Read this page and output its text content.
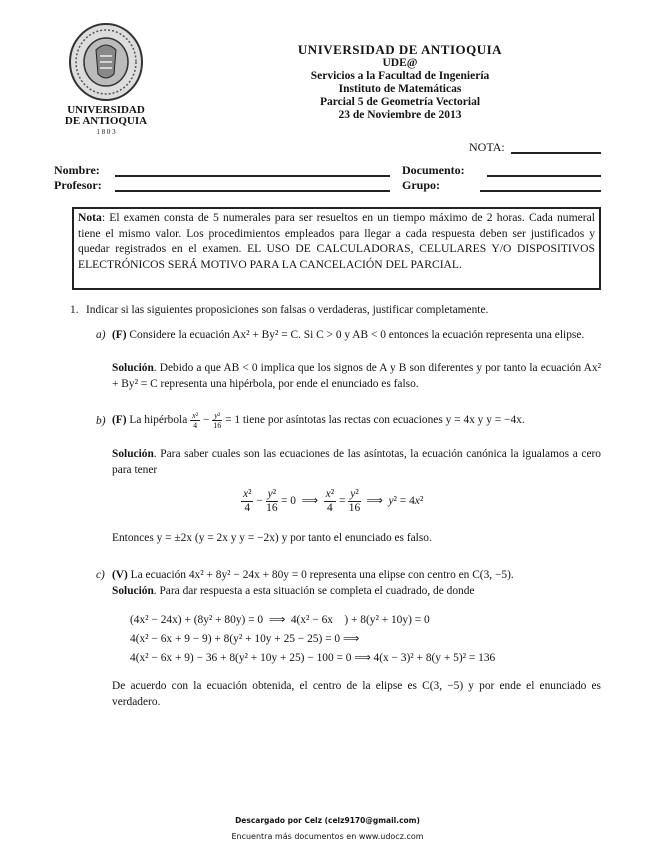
UNIVERSIDAD
DE ANTIOQUIA
1 8 0 3
UNIVERSIDAD DE ANTIOQUIA
UDE@
Servicios a la Facultad de Ingeniería
Instituto de Matemáticas
Parcial 5 de Geometría Vectorial
23 de Noviembre de 2013
NOTA:
Nombre:	Documento:
Profesor:	Grupo:
Nota: El examen consta de 5 numerales para ser resueltos en un tiempo máximo de 2 horas. Cada numeral tiene el mismo valor. Los procedimientos empleados para llegar a cada respuesta deben ser justificados y quedar registrados en el examen. EL USO DE CALCULADORAS, CELULARES Y/O DISPOSITIVOS ELECTRÓNICOS SERÁ MOTIVO PARA LA CANCELACIÓN DEL PARCIAL.
1. Indicar si las siguientes proposiciones son falsas o verdaderas, justificar completamente.
a) (F) Considere la ecuación Ax² + By² = C. Si C > 0 y AB < 0 entonces la ecuación representa una elipse.
Solución. Debido a que AB < 0 implica que los signos de A y B son diferentes y por tanto la ecuación Ax² + By² = C representa una hipérbola, por ende el enunciado es falso.
b) (F) La hipérbola $\frac{\text{x²}}{4} - \frac{\text{y²}}{16} = 1$ tiene por asíntotas las rectas con ecuaciones y = 4x y y = −4x.
Solución. Para saber cuales son las ecuaciones de las asíntotas, la ecuación canónica la igualamos a cero para tener
$\frac{\text{x²}}{4} - \frac{\text{y²}}{16} = 0$  ⟹ $\frac{\text{x²}}{4} = \frac{\text{y²}}{16}$ ⟹  y² = 4x²
Entonces y = ±2x (y = 2x y y = −2x) y por tanto el enunciado es falso.
c) (V) La ecuación 4x² + 8y² − 24x + 80y = 0 representa una elipse con centro en C(3, −5).
Solución. Para dar respuesta a esta situación se completa el cuadrado, de donde
(4x² − 24x) + (8y² + 80y) = 0  ⟹  4(x² − 6x    ) + 8(y² + 10y) = 0
4(x² − 6x + 9 − 9) + 8(y² + 10y + 25 − 25) = 0 ⟹
4(x² − 6x + 9) − 36 + 8(y² + 10y + 25) − 100 = 0 ⟹ 4(x − 3)² + 8(y + 5)² = 136
De acuerdo con la ecuación obtenida, el centro de la elipse es C(3, −5) y por ende el enunciado es verdadero.
Descargado por Celz (celz9170@gmail.com)
Encuentra más documentos en www.udocz.com
